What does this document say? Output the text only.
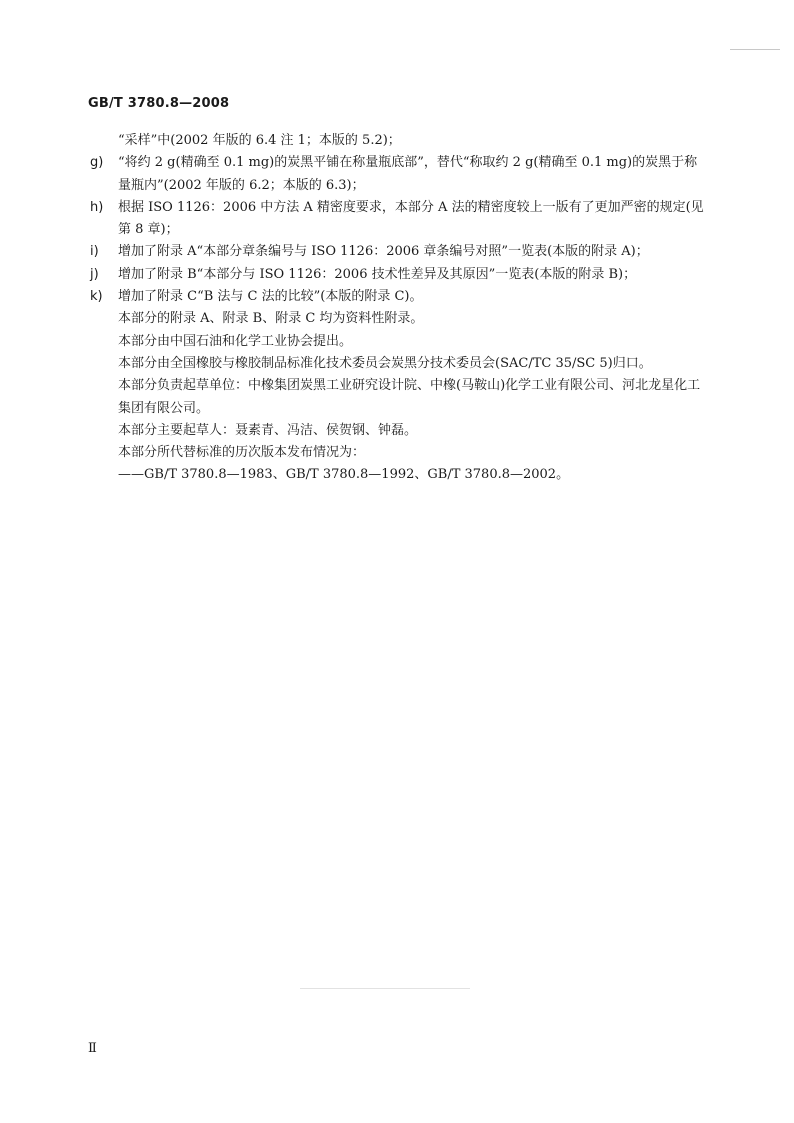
GB/T 3780.8—2008
“采样”中(2002 年版的 6.4 注 1；本版的 5.2)；
g) “将约 2 g(精确至 0.1 mg)的炭黑平铺在称量瓶底部”，替代“称取约 2 g(精确至 0.1 mg)的炭黑于称量瓶内”(2002 年版的 6.2；本版的 6.3)；
h) 根据 ISO 1126：2006 中方法 A 精密度要求，本部分 A 法的精密度较上一版有了更加严密的规定(见第 8 章)；
i) 增加了附录 A“本部分章条编号与 ISO 1126：2006 章条编号对照”一览表(本版的附录 A)；
j) 增加了附录 B“本部分与 ISO 1126：2006 技术性差异及其原因”一览表(本版的附录 B)；
k) 增加了附录 C“B 法与 C 法的比较”(本版的附录 C)。
本部分的附录 A、附录 B、附录 C 均为资料性附录。
本部分由中国石油和化学工业协会提出。
本部分由全国橡胶与橡胶制品标准化技术委员会炭黑分技术委员会(SAC/TC 35/SC 5)归口。
本部分负责起草单位：中橡集团炭黑工业研究设计院、中橡(马鞍山)化学工业有限公司、河北龙星化工集团有限公司。
本部分主要起草人：聂素青、冯洁、侯贺钢、钟磊。
本部分所代替标准的历次版本发布情况为：
——GB/T 3780.8—1983、GB/T 3780.8—1992、GB/T 3780.8—2002。
Ⅱ
